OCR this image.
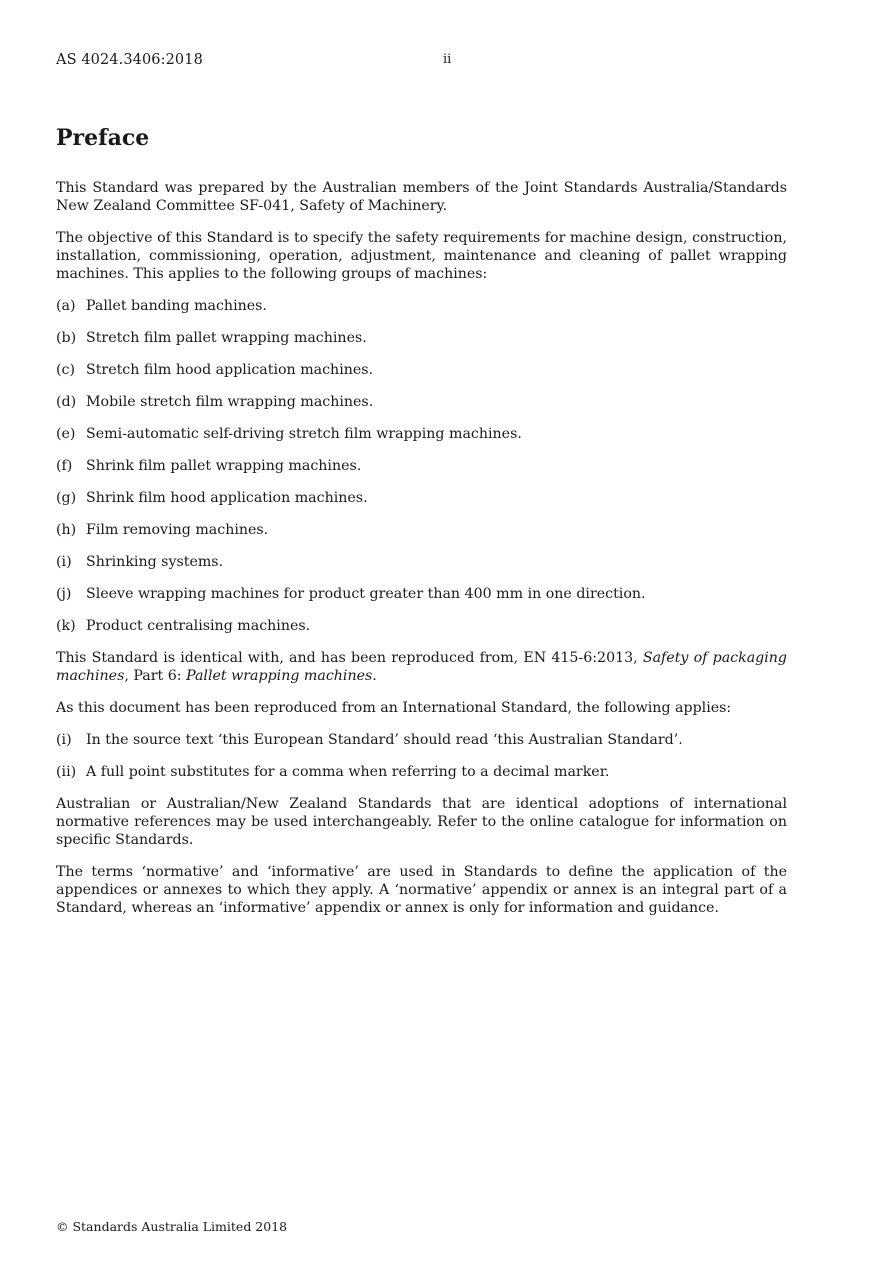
AS 4024.3406:2018	ii
Preface

This Standard was prepared by the Australian members of the Joint Standards Australia/Standards New Zealand Committee SF-041, Safety of Machinery.

The objective of this Standard is to specify the safety requirements for machine design, construction, installation, commissioning, operation, adjustment, maintenance and cleaning of pallet wrapping machines. This applies to the following groups of machines:

(a) Pallet banding machines.
(b) Stretch film pallet wrapping machines.
(c) Stretch film hood application machines.
(d) Mobile stretch film wrapping machines.
(e) Semi-automatic self-driving stretch film wrapping machines.
(f) Shrink film pallet wrapping machines.
(g) Shrink film hood application machines.
(h) Film removing machines.
(i)	Shrinking systems.
(j)	Sleeve wrapping machines for product greater than 400 mm in one direction.
(k) Product centralising machines.

This Standard is identical with, and has been reproduced from, EN 415-6:2013, Safety of packaging machines, Part 6: Pallet wrapping machines.

As this document has been reproduced from an International Standard, the following applies:

(i)	In the source text ‘this European Standard’ should read ‘this Australian Standard’.
(ii) A full point substitutes for a comma when referring to a decimal marker.

Australian or Australian/New Zealand Standards that are identical adoptions of international normative references may be used interchangeably. Refer to the online catalogue for information on specific Standards.

The terms ‘normative’ and ‘informative’ are used in Standards to define the application of the appendices or annexes to which they apply. A ‘normative’ appendix or annex is an integral part of a Standard, whereas an ‘informative’ appendix or annex is only for information and guidance.

© Standards Australia Limited 2018
